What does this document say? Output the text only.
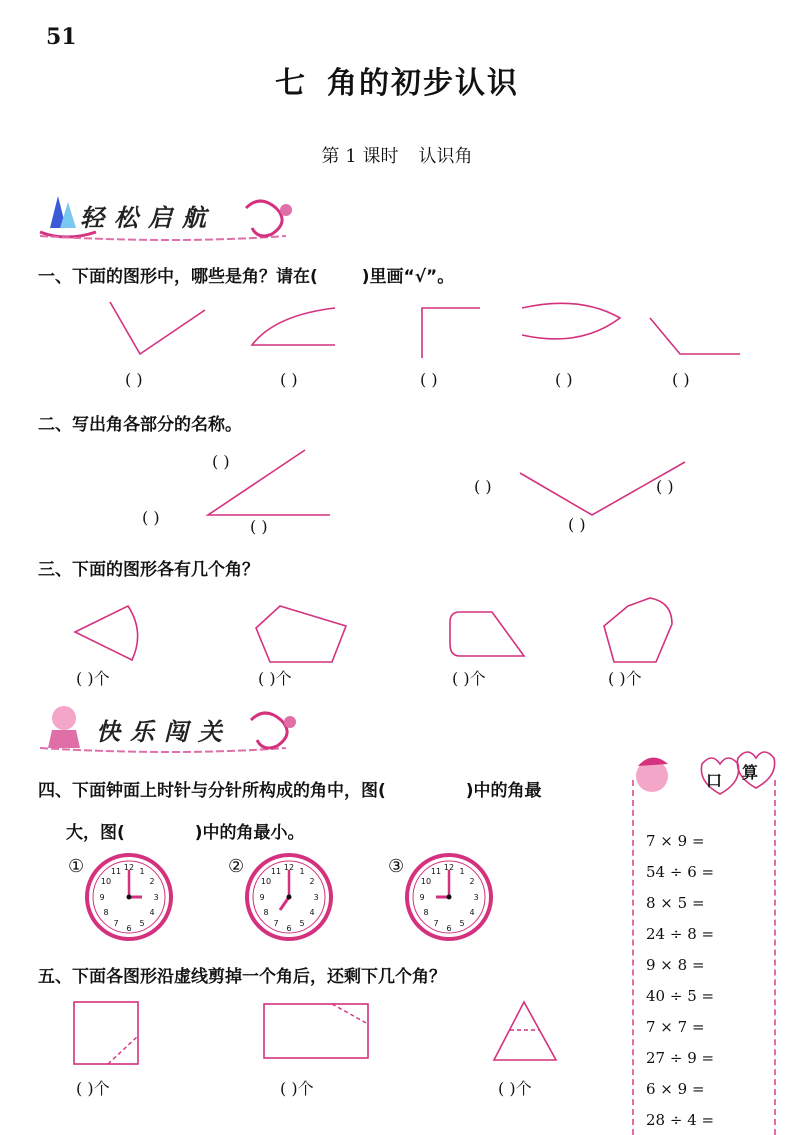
51
七 角的初步认识
第 1 课时 认识角
轻松启航
一、下面的图形中，哪些是角？请在(	)里画“√”。
( )	( )	( )	( )	( )
二、写出角各部分的名称。
( )
( )	( )
( )	( )
( )
三、下面的图形各有几个角？
( )个	( )个	( )个	( )个
快乐闯关
四、下面钟面上时针与分针所构成的角中，图(	)中的角最
大，图(	)中的角最小。
①	②	③
12 1
2
3
4
5
6
7
8
9
10
11	12 1
2
3
4
5
6
7
8
9
10
11	12 1
2
3
4
5
6
7
8
9
10
11
五、下面各图形沿虚线剪掉一个角后，还剩下几个角？
( )个	( )个	( )个
口 算
7 × 9 =
54 ÷ 6 =
8 × 5 =
24 ÷ 8 =
9 × 8 =
40 ÷ 5 =
7 × 7 =
27 ÷ 9 =
6 × 9 =
28 ÷ 4 =
